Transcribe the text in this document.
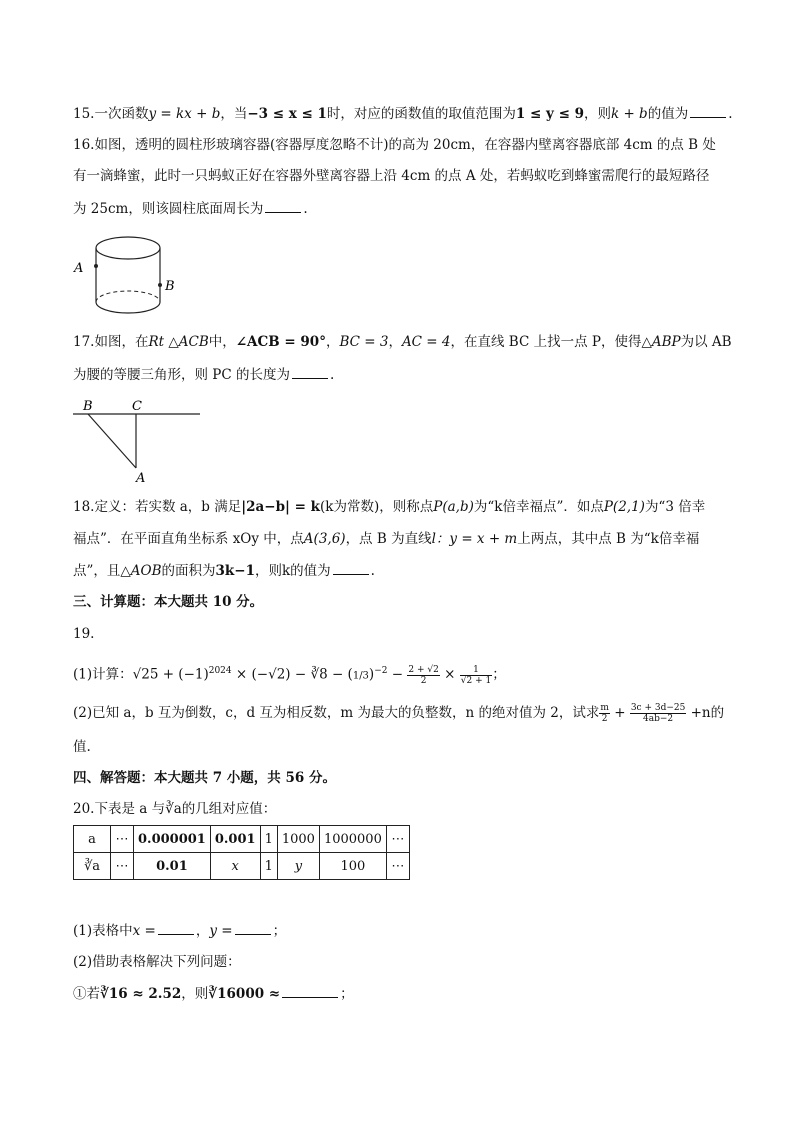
15.一次函数y = kx + b，当−3 ≤ x ≤ 1时，对应的函数值的取值范围为1 ≤ y ≤ 9，则k + b的值为	.
16.如图，透明的圆柱形玻璃容器(容器厚度忽略不计)的高为 20cm，在容器内壁离容器底部 4cm 的点 B 处
有一滴蜂蜜，此时一只蚂蚁正好在容器外壁离容器上沿 4cm 的点 A 处，若蚂蚁吃到蜂蜜需爬行的最短路径
为 25cm，则该圆柱底面周长为	.
A
B
17.如图，在Rt △ACB中，∠ACB = 90°，BC = 3，AC = 4，在直线 BC 上找一点 P，使得△ABP为以 AB
为腰的等腰三角形，则 PC 的长度为	.
B	C
A
18.定义：若实数 a，b 满足|2a−b| = k(k为常数)，则称点P(a,b)为“k倍幸福点”．如点P(2,1)为“3 倍幸
福点”．在平面直角坐标系 xOy 中，点A(3,6)，点 B 为直线l：y = x + m上两点，其中点 B 为“k倍幸福
点”，且△AOB的面积为3k−1，则k的值为	.
三、计算题：本大题共 10 分。
19.
(1)计算：$√25 + (-1)^{2024} \times (-√2)$ − ∛8 − $(1/3)^{-2} - \frac{2 + √2}{2} \times \frac{1}{√2 + 1}$ ；
(2)已知 a，b 互为倒数，c，d 互为相反数，m 为最大的负整数，n 的绝对值为 2，试求 $\frac{m}{2} + \frac{3c + 3d-25}{4ab-2} +n$的
值.
四、解答题：本大题共 7 小题，共 56 分。
20.下表是 a 与∛a的几组对应值：
a	⋯	0.000001	0.001	1	1000	1000000	⋯
∛a	⋯	0.01	x	1	y	100	⋯
(1)表格中x =	，y =	；
(2)借助表格解决下列问题：
①若∛16 ≈ 2.52，则∛16000 ≈	；
